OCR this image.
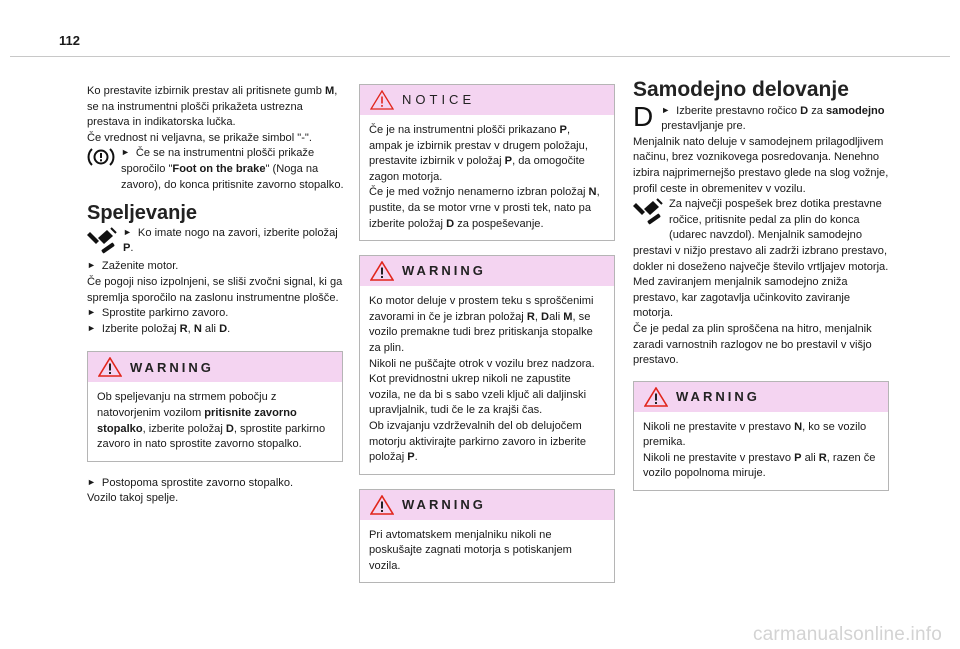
112

Ko prestavite izbirnik prestav ali pritisnete gumb M, se na instrumentni plošči prikažeta ustrezna prestava in indikatorska lučka.

Če vrednost ni veljavna, se prikaže simbol "-".

► Če se na instrumentni plošči prikaže sporočilo "Foot on the brake" (Noga na zavoro), do konca pritisnite zavorno stopalko.

Speljevanje

► Ko imate nogo na zavori, izberite položaj P.

► Zaženite motor.

Če pogoji niso izpolnjeni, se sliši zvočni signal, ki ga spremlja sporočilo na zaslonu instrumentne plošče.

► Sprostite parkirno zavoro.

► Izberite položaj R, N ali D.

WARNING

Ob speljevanju na strmem pobočju z natovorjenim vozilom pritisnite zavorno stopalko, izberite položaj D, sprostite parkirno zavoro in nato sprostite zavorno stopalko.

► Postopoma sprostite zavorno stopalko.

Vozilo takoj spelje.

NOTICE

Če je na instrumentni plošči prikazano P, ampak je izbirnik prestav v drugem položaju, prestavite izbirnik v položaj P, da omogočite zagon motorja.

Če je med vožnjo nenamerno izbran položaj N, pustite, da se motor vrne v prosti tek, nato pa izberite položaj D za pospeševanje.

WARNING

Ko motor deluje v prostem teku s sproščenimi zavorami in če je izbran položaj R, Dali M, se vozilo premakne tudi brez pritiskanja stopalke za plin.

Nikoli ne puščajte otrok v vozilu brez nadzora.

Kot previdnostni ukrep nikoli ne zapustite vozila, ne da bi s sabo vzeli ključ ali daljinski upravljalnik, tudi če le za krajši čas.

Ob izvajanju vzdrževalnih del ob delujočem motorju aktivirajte parkirno zavoro in izberite položaj P.

WARNING

Pri avtomatskem menjalniku nikoli ne poskušajte zagnati motorja s potiskanjem vozila.

Samodejno delovanje
D

►	Izberite prestavno ročico D za samodejno prestavljanje pre.

Menjalnik nato deluje v samodejnem prilagodljivem načinu, brez voznikovega posredovanja. Nenehno izbira najprimernejšo prestavo glede na slog vožnje, profil ceste in obremenitev v vozilu.

Za največji pospešek brez dotika prestavne ročice, pritisnite pedal za plin do konca (udarec navzdol). Menjalnik samodejno prestavi v nižjo prestavo ali zadrži izbrano prestavo, dokler ni doseženo največje število vrtljajev motorja.

Med zaviranjem menjalnik samodejno zniža prestavo, kar zagotavlja učinkovito zaviranje motorja.

Če je pedal za plin sproščena na hitro, menjalnik zaradi varnostnih razlogov ne bo prestavil v višjo prestavo.

WARNING

Nikoli ne prestavite v prestavo N, ko se vozilo premika.

Nikoli ne prestavite v prestavo P ali R, razen če vozilo popolnoma miruje.

carmanualsonline.info
